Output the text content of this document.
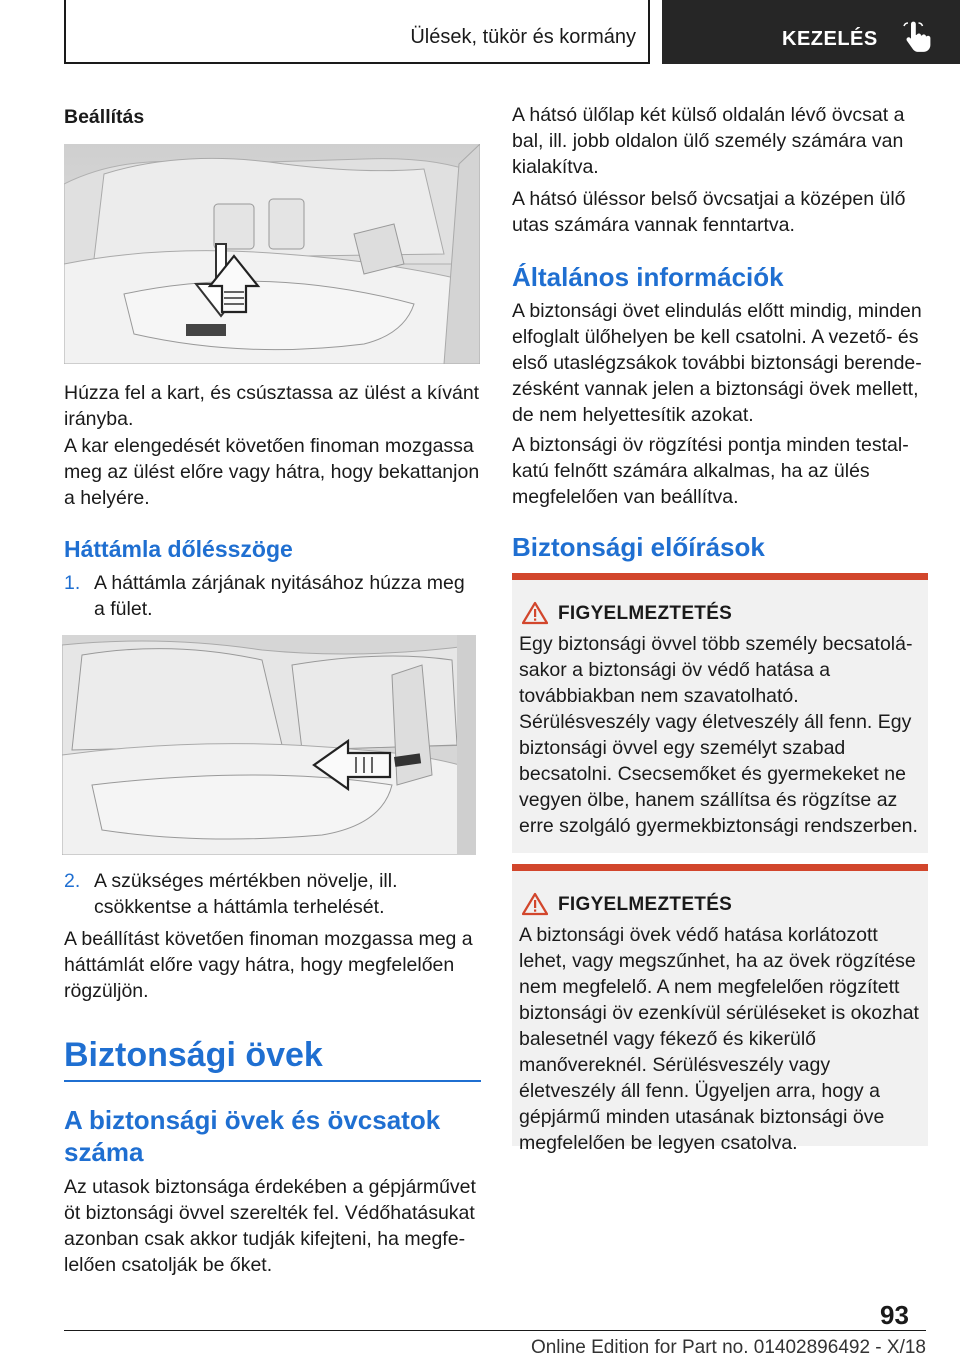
Ülések, tükör és kormány	KEZELÉS
Beállítás
Húzza fel a kart, és csúsztassa az ülést a kívánt irányba.
A kar elengedését követően finoman mozgassa meg az ülést előre vagy hátra, hogy bekattanjon a helyére.
Háttámla dőlésszöge
1. A háttámla zárjának nyitásához húzza meg a fület.
2. A szükséges mértékben növelje, ill. csökkentse a háttámla terhelését.
A beállítást követően finoman mozgassa meg a háttámlát előre vagy hátra, hogy megfelelően rögzüljön.
Biztonsági övek
A biztonsági övek és övcsatok száma
Az utasok biztonsága érdekében a gépjárművet öt biztonsági övvel szerelték fel. Védőhatásukat azonban csak akkor tudják kifejteni, ha megfelelően csatolják be őket.
A hátsó ülőlap két külső oldalán lévő övcsat a bal, ill. jobb oldalon ülő személy számára van kialakítva.
A hátsó üléssor belső övcsatjai a középen ülő utas számára vannak fenntartva.
Általános információk
A biztonsági övet elindulás előtt mindig, minden elfoglalt ülőhelyen be kell csatolni. A vezető- és első utaslégzsákok további biztonsági berendezésként vannak jelen a biztonsági övek mellett, de nem helyettesítik azokat.
A biztonsági öv rögzítési pontja minden testalkatú felnőtt számára alkalmas, ha az ülés megfelelően van beállítva.
Biztonsági előírások
FIGYELMEZTETÉS
Egy biztonsági övvel több személy becsatolásakor a biztonsági öv védő hatása a továbbiakban nem szavatolható. Sérülésveszély vagy életveszély áll fenn. Egy biztonsági övvel egy személyt szabad becsatolni. Csecsemőket és gyermekeket ne vegyen ölbe, hanem szállítsa és rögzítse az erre szolgáló gyermekbiztonsági rendszerben.
FIGYELMEZTETÉS
A biztonsági övek védő hatása korlátozott lehet, vagy megszűnhet, ha az övek rögzítése nem megfelelő. A nem megfelelően rögzített biztonsági öv ezenkívül sérüléseket is okozhat balesetnél vagy fékező és kikerülő manővereknél. Sérülésveszély vagy életveszély áll fenn. Ügyeljen arra, hogy a gépjármű minden utasának biztonsági öve megfelelően be legyen csatolva.
93
Online Edition for Part no. 01402896492 - X/18
